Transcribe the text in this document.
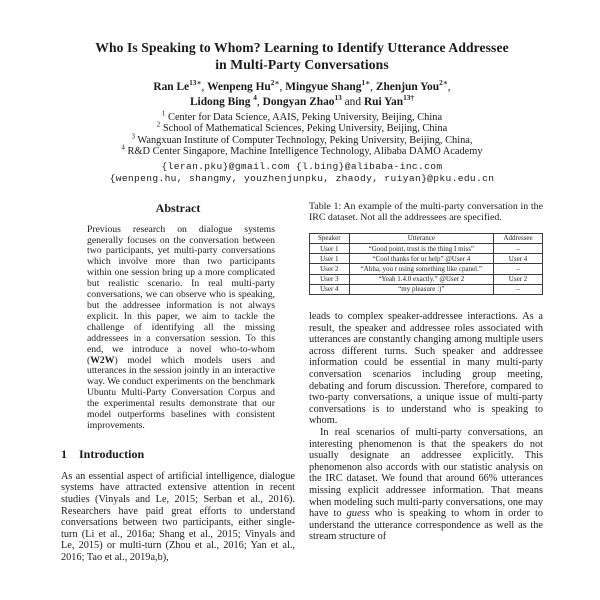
Who Is Speaking to Whom? Learning to Identify Utterance Addressee
in Multi-Party Conversations
Ran $Le^{13∗}$, Wenpeng $Hu^{2∗}$, Mingyue Shang$^{1∗}$, Zhenjun You$^{2∗}$,
Lidong Bing $^4$, Dongyan Zhao$^{13}$ and Rui Yan$^{13\dagger}$
$^1$ Center for Data Science, AAIS, Peking University, Beijing, China
$^2$ School of Mathematical Sciences, Peking University, Beijing, China
$^3$ Wangxuan Institute of Computer Technology, Peking University, Beijing, China,
$^4$ R&D Center Singapore, Machine Intelligence Technology, Alibaba DAMO Academy
{leran.pku}@gmail.com {l.bing}@alibaba-inc.com
{wenpeng.hu, shangmy, youzhenjunpku, zhaody, ruiyan}@pku.edu.cn
Abstract

Previous research on dialogue systems generally focuses on the conversation between two participants, yet multi-party conversations which involve more than two participants within one session bring up a more complicated but realistic scenario. In real multi-party conversations, we can observe who is speaking, but the addressee information is not always explicit. In this paper, we aim to tackle the challenge of identifying all the missing addressees in a conversation session. To this end, we introduce a novel who-to-whom (W2W) model which models users and utterances in the session jointly in an interactive way. We conduct experiments on the benchmark Ubuntu Multi-Party Conversation Corpus and the experimental results demonstrate that our model outperforms baselines with consistent improvements.

1 Introduction

As an essential aspect of artificial intelligence, dialogue systems have attracted extensive attention in recent studies (Vinyals and Le, 2015; Serban et al., 2016). Researchers have paid great efforts to understand conversations between two participants, either single-turn (Li et al., 2016a; Shang et al., 2015; Vinyals and Le, 2015) or multi-turn (Zhou et al., 2016; Yan et al., 2016; Tao et al., 2019a,b),

Table 1: An example of the multi-party conversation in the IRC dataset. Not all the addressees are specified.

Speaker	Utterance	Addressee
User 1	“Good point, trust is the thing I miss”	–
User 1	“Cool thanks for ur help” @User 4	User 4
User 2	“Ahha, you r using something like cpanel.”	–
User 3	“Yeah 1.4.0 exactly.” @User 2	User 2
User 4	“my pleasure :)”	–

leads to complex speaker-addressee interactions. As a result, the speaker and addressee roles associated with utterances are constantly changing among multiple users across different turns. Such speaker and addressee information could be essential in many multi-party conversation scenarios including group meeting, debating and forum discussion. Therefore, compared to two-party conversations, a unique issue of multi-party conversations is to understand who is speaking to whom.

In real scenarios of multi-party conversations, an interesting phenomenon is that the speakers do not usually designate an addressee explicitly. This phenomenon also accords with our statistic analysis on the IRC dataset. We found that around 66% utterances missing explicit addressee information. That means when modeling such multi-party conversations, one may have to guess who is speaking to whom in order to understand the utterance correspondence as well as the stream structure of
